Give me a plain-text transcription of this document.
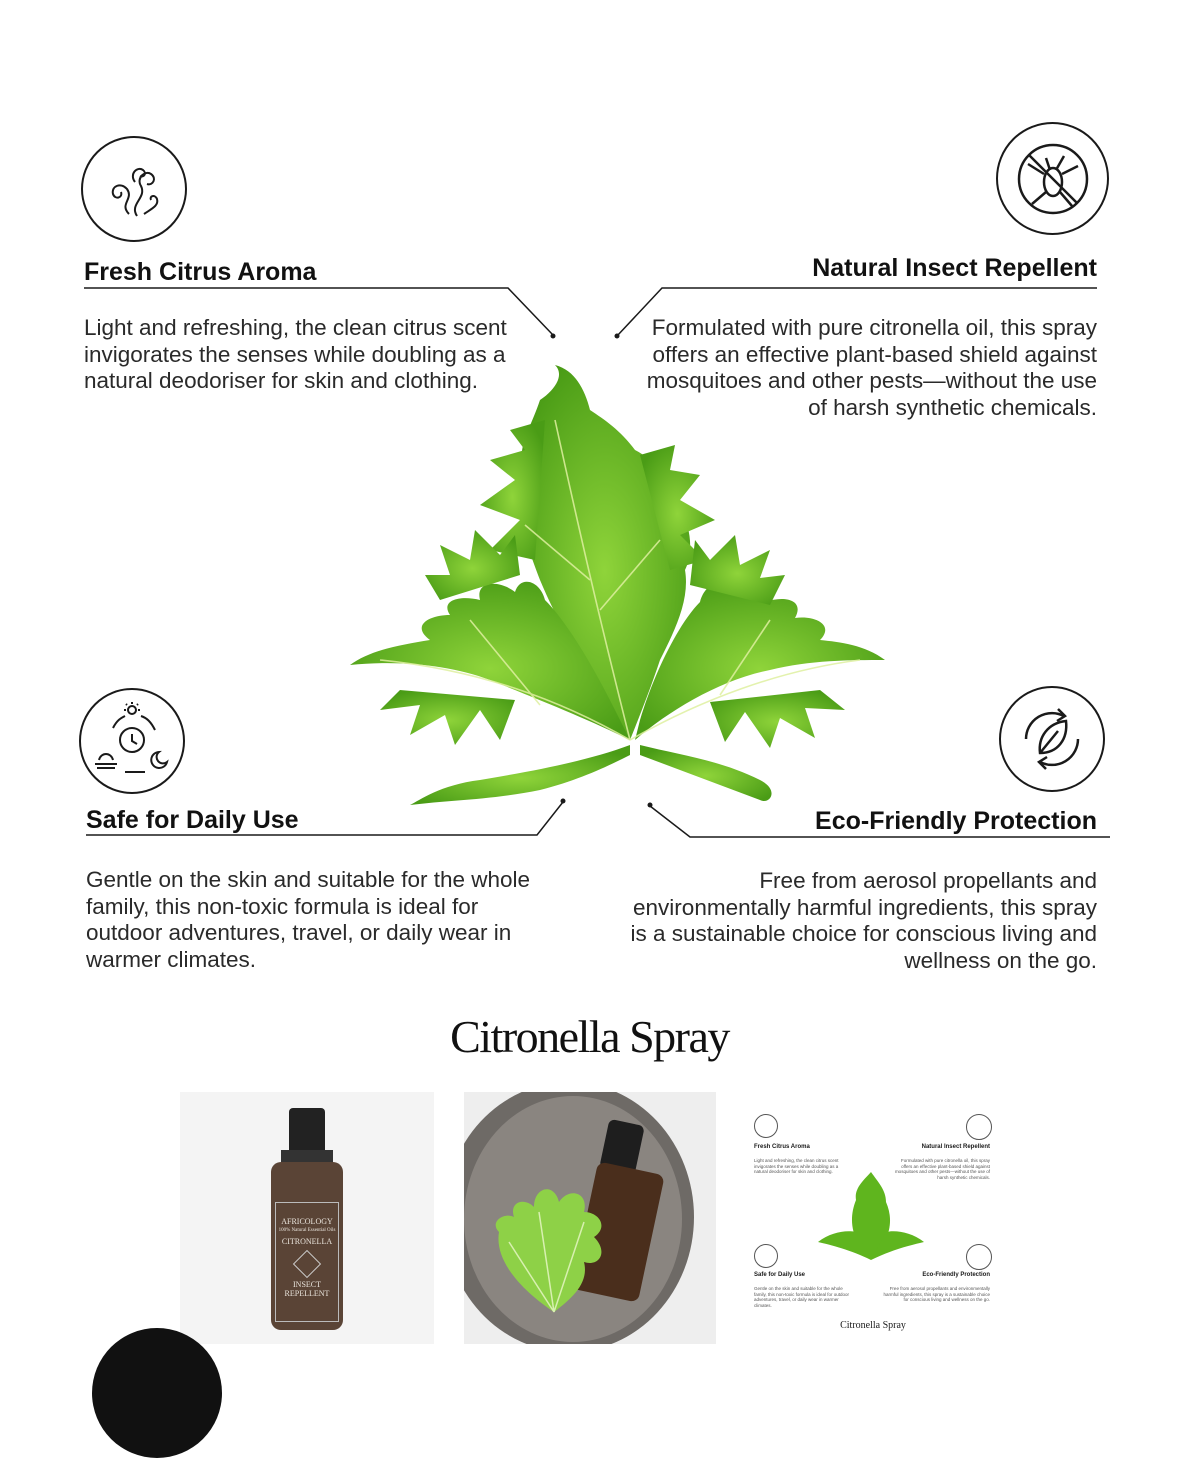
Fresh Citrus Aroma
Light and refreshing, the clean citrus scent invigorates the senses while doubling as a natural deodoriser for skin and clothing.
Natural Insect Repellent
Formulated with pure citronella oil, this spray offers an effective plant-based shield against mosquitoes and other pests—without the use of harsh synthetic chemicals.
Safe for Daily Use
Gentle on the skin and suitable for the whole family, this non-toxic formula is ideal for outdoor adventures, travel, or daily wear in warmer climates.
Eco-Friendly Protection
Free from aerosol propellants and environmentally harmful ingredients, this spray is a sustainable choice for conscious living and wellness on the go.
Citronella Spray
AFRICOLOGY
100% Natural Essential Oils
CITRONELLA
INSECT
REPELLENT
Fresh Citrus Aroma
Light and refreshing, the clean citrus scent invigorates the senses while doubling as a natural deodoriser for skin and clothing.
Natural Insect Repellent
Formulated with pure citronella oil, this spray offers an effective plant-based shield against mosquitoes and other pests—without the use of harsh synthetic chemicals.
Safe for Daily Use
Gentle on the skin and suitable for the whole family, this non-toxic formula is ideal for outdoor adventures, travel, or daily wear in warmer climates.
Eco-Friendly Protection
Free from aerosol propellants and environmentally harmful ingredients, this spray is a sustainable choice for conscious living and wellness on the go.
Citronella Spray
